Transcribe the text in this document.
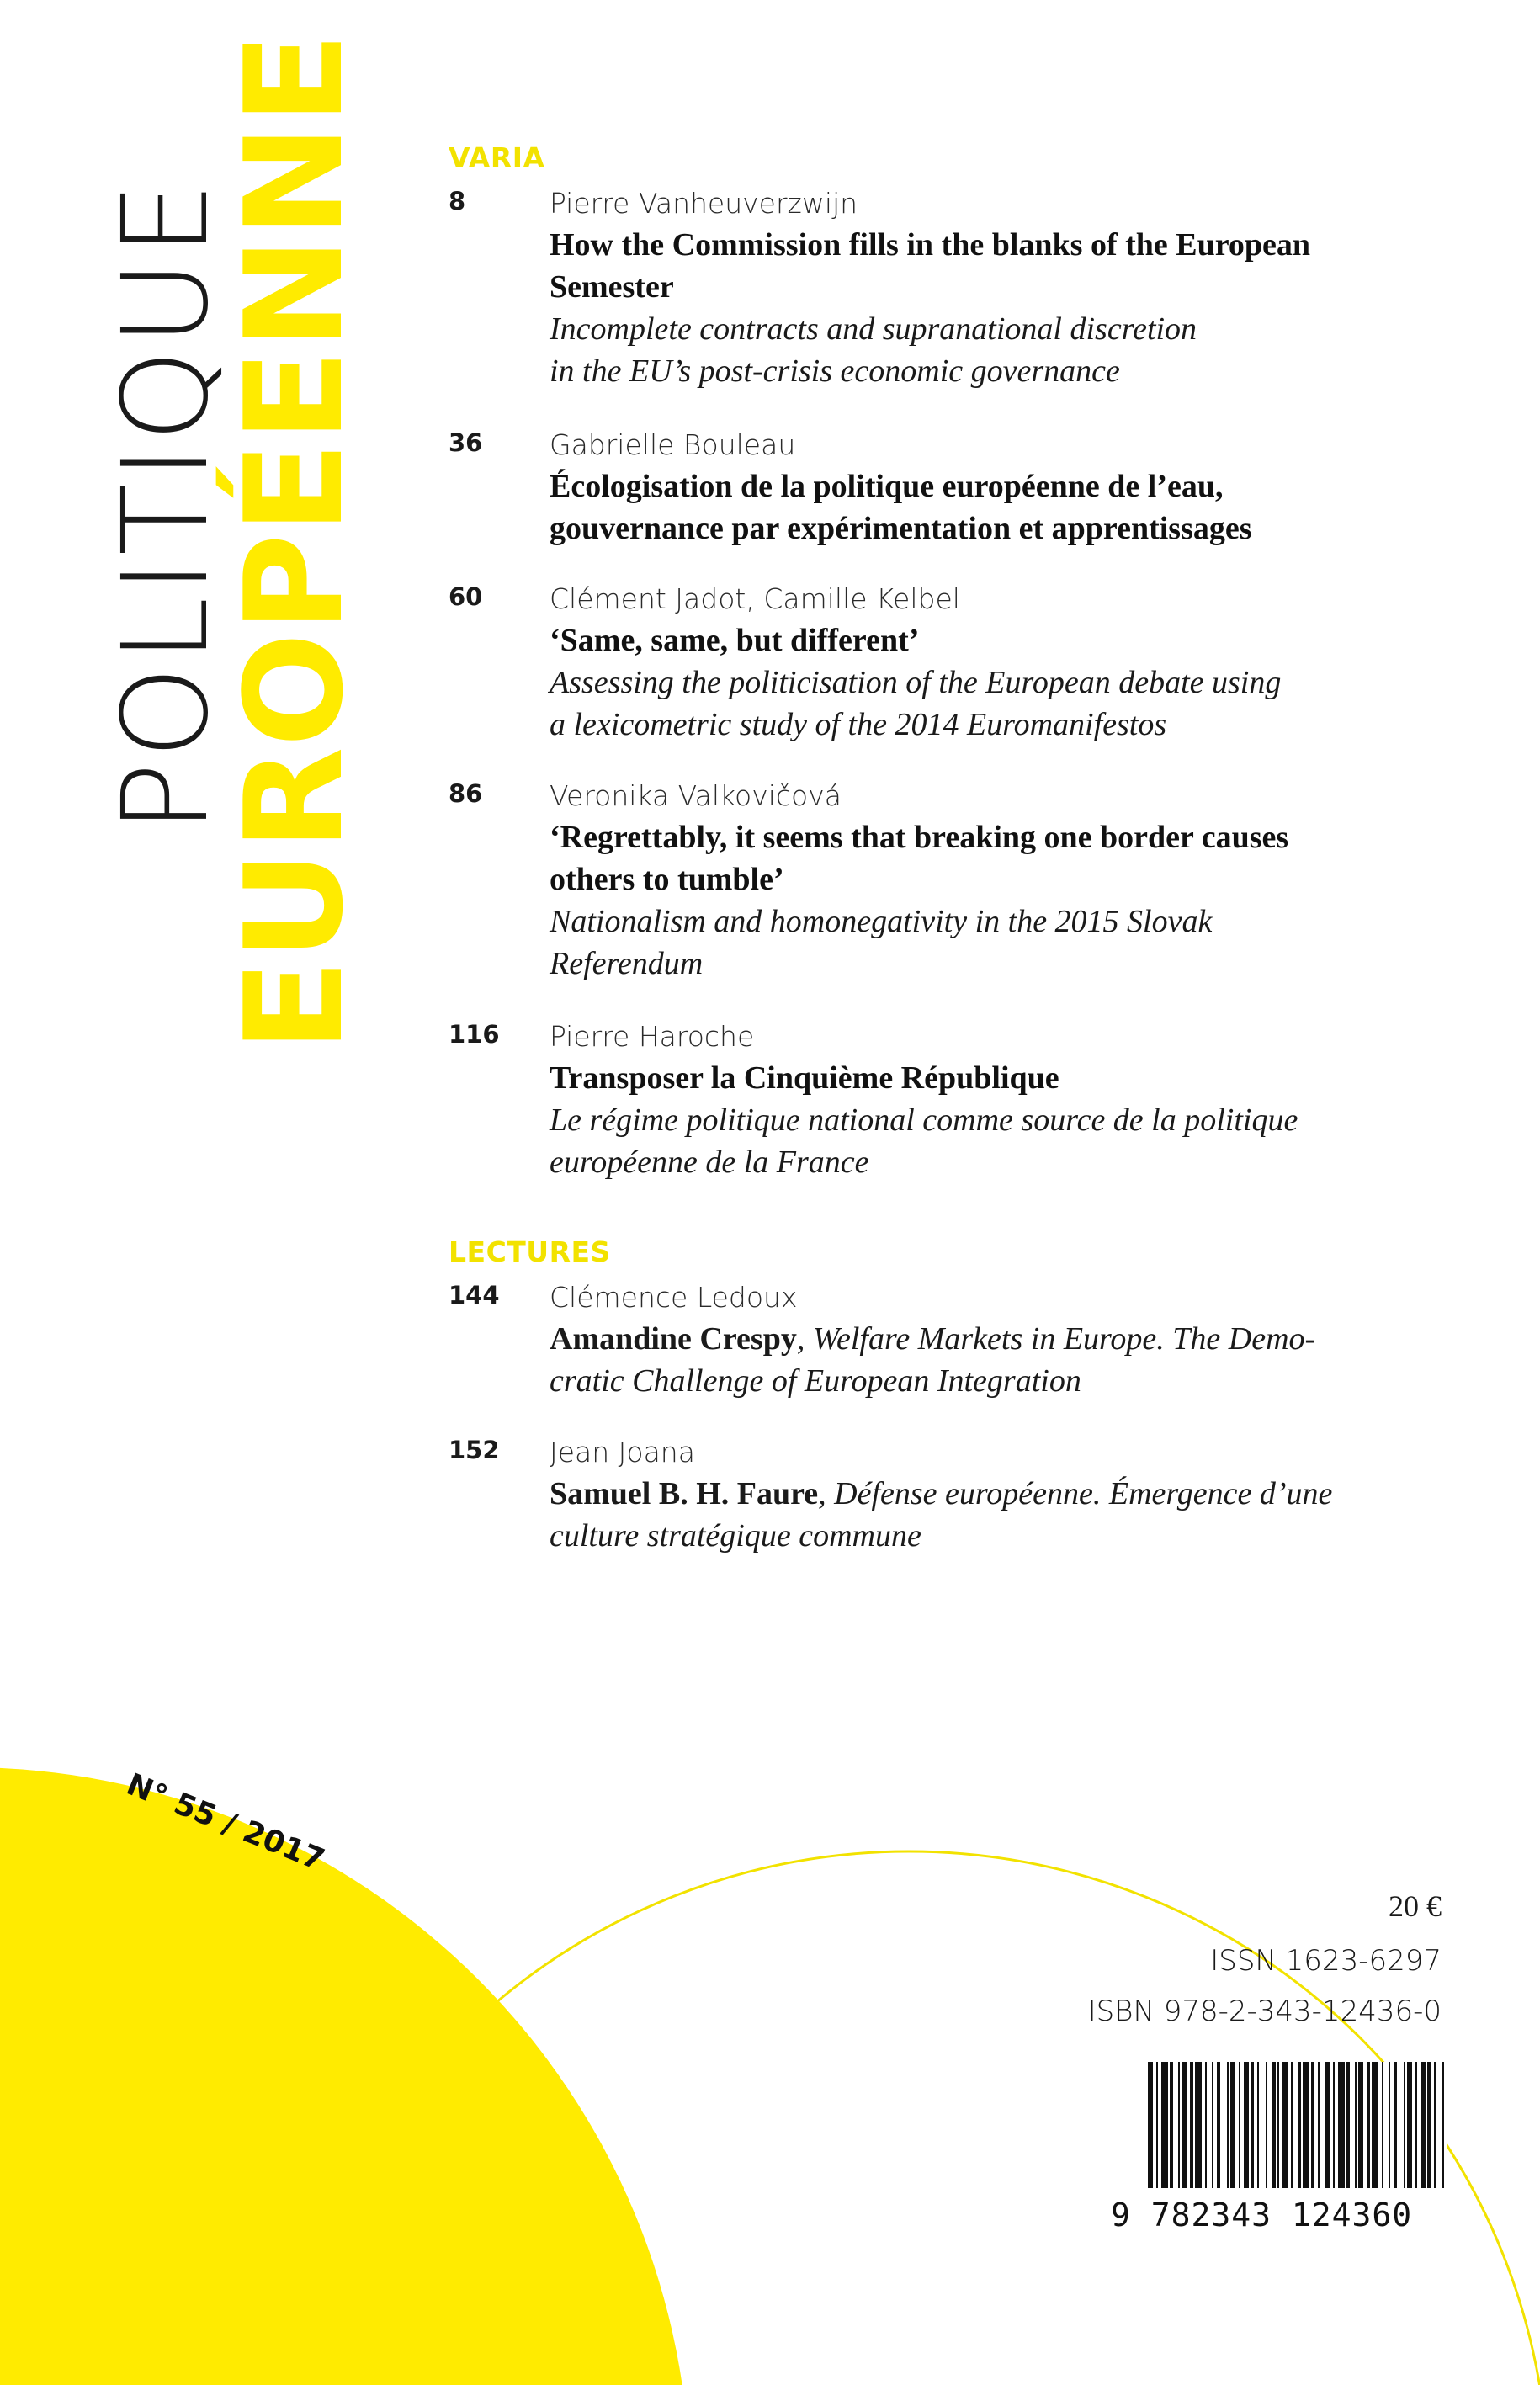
POLITIQUE
EUROPÉENNE	VARIA
8	Pierre Vanheuverzwijn
How the Commission fills in the blanks of the European
Semester
Incomplete contracts and supranational discretion
in the EU’s post-crisis economic governance
36	Gabrielle Bouleau
Écologisation de la politique européenne de l’eau,
gouvernance par expérimentation et apprentissages
60	Clément Jadot, Camille Kelbel
‘Same, same, but different’
Assessing the politicisation of the European debate using
a lexicometric study of the 2014 Euromanifestos
86	Veronika Valkovičová
‘Regrettably, it seems that breaking one border causes
others to tumble’
Nationalism and homonegativity in the 2015 Slovak
Referendum
116	Pierre Haroche
Transposer la Cinquième République
Le régime politique national comme source de la politique
européenne de la France
LECTURES
144	Clémence Ledoux
Amandine Crespy, Welfare Markets in Europe. The Demo-
cratic Challenge of European Integration
152	Jean Joana
Samuel B. H. Faure, Défense européenne. Émergence d’une
culture stratégique commune
N° 55 / 2017
20 €
ISSN 1623-6297
ISBN 978-2-343-12436-0
9 782343 124360
